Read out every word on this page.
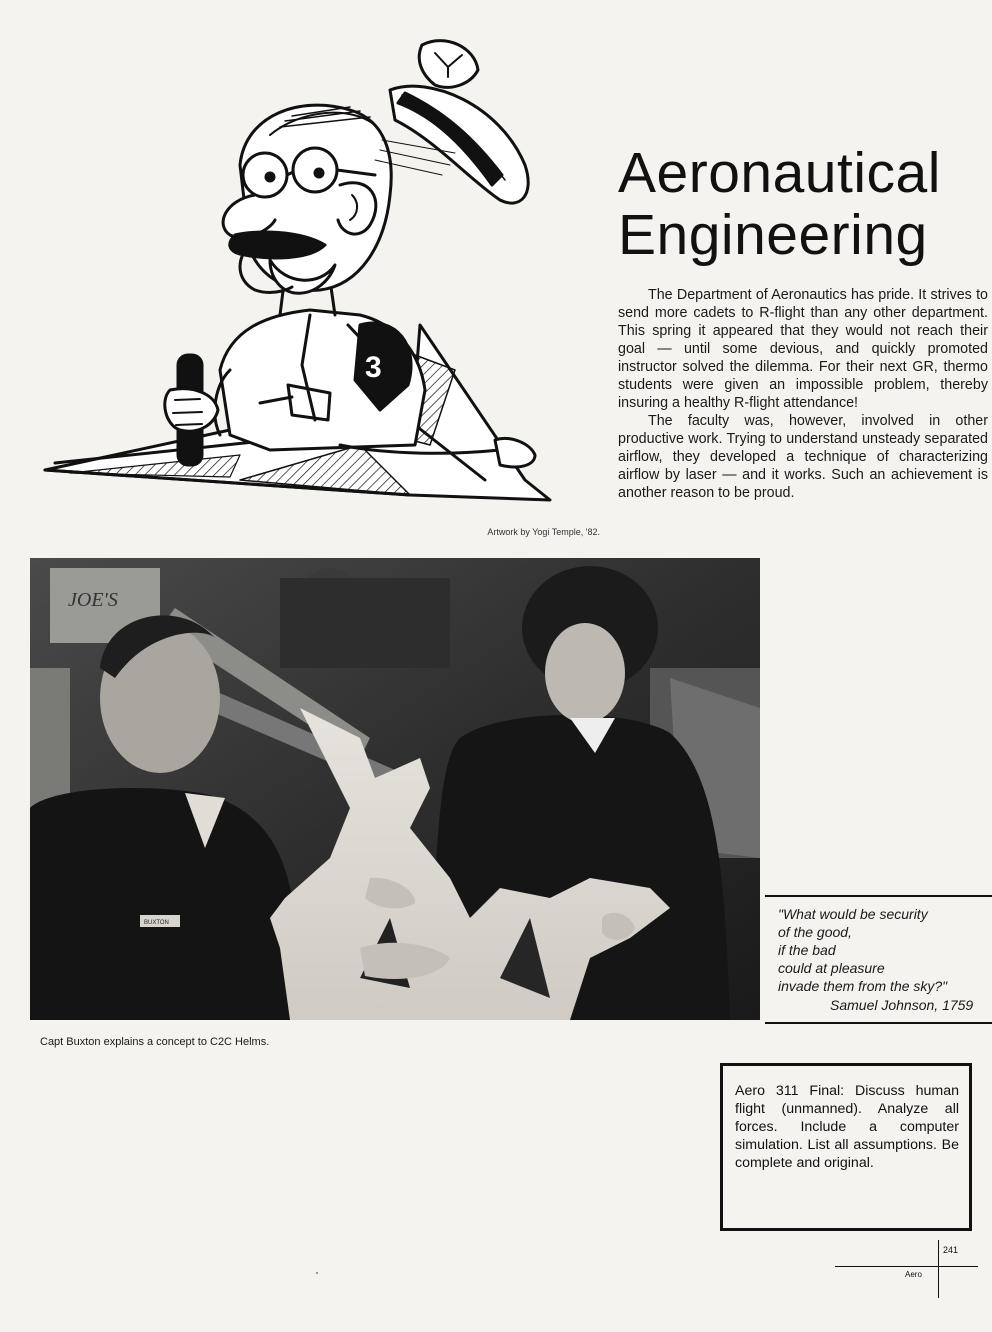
3
Artwork by Yogi Temple, '82.
Aeronautical
Engineering

The Department of Aeronautics has pride. It strives to send more cadets to R-flight than any other department. This spring it appeared that they would not reach their goal — until some devious, and quickly promoted instructor solved the dilemma. For their next GR, thermo students were given an impossible problem, thereby insuring a healthy R-flight attendance!

The faculty was, however, involved in other productive work. Trying to understand unsteady separated airflow, they developed a technique of characterizing airflow by laser — and it works. Such an achievement is another reason to be proud.

JOE'S
BUXTON
Capt Buxton explains a concept to C2C Helms.
"What would be security
of the good,
if the bad
could at pleasure
invade them from the sky?"
Samuel Johnson, 1759
Aero 311 Final: Discuss human flight (unmanned). Analyze all forces. Include a computer simulation. List all assumptions. Be complete and original.
241
Aero
